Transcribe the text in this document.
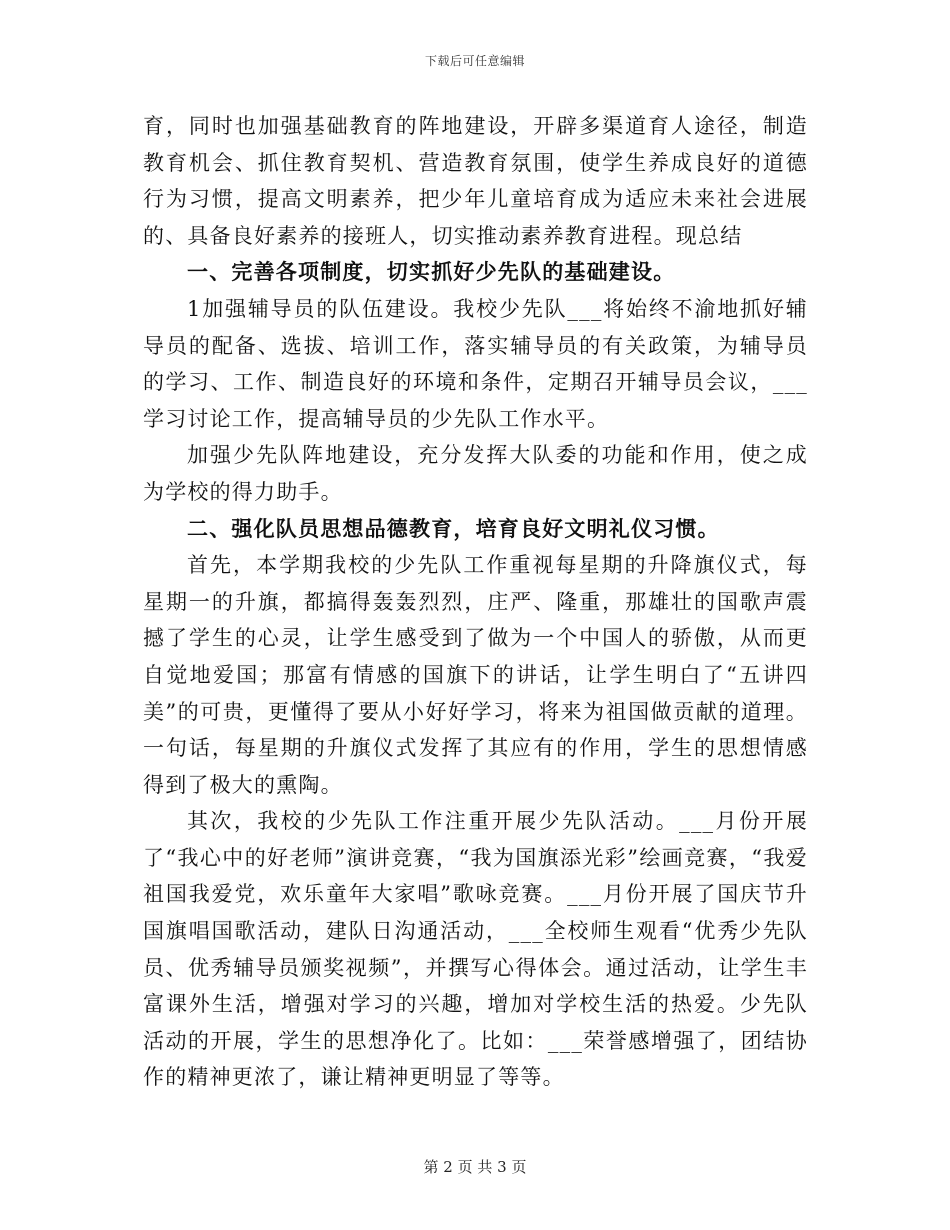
下载后可任意编辑

育，同时也加强基础教育的阵地建设，开辟多渠道育人途径，制造教育机会、抓住教育契机、营造教育氛围，使学生养成良好的道德行为习惯，提高文明素养，把少年儿童培育成为适应未来社会进展的、具备良好素养的接班人，切实推动素养教育进程。现总结

一、完善各项制度，切实抓好少先队的基础建设。

1加强辅导员的队伍建设。我校少先队___将始终不渝地抓好辅导员的配备、选拔、培训工作，落实辅导员的有关政策，为辅导员的学习、工作、制造良好的环境和条件，定期召开辅导员会议，___学习讨论工作，提高辅导员的少先队工作水平。

加强少先队阵地建设，充分发挥大队委的功能和作用，使之成为学校的得力助手。

二、强化队员思想品德教育，培育良好文明礼仪习惯。

首先，本学期我校的少先队工作重视每星期的升降旗仪式，每星期一的升旗，都搞得轰轰烈烈，庄严、隆重，那雄壮的国歌声震撼了学生的心灵，让学生感受到了做为一个中国人的骄傲，从而更自觉地爱国；那富有情感的国旗下的讲话，让学生明白了“五讲四美”的可贵，更懂得了要从小好好学习，将来为祖国做贡献的道理。一句话，每星期的升旗仪式发挥了其应有的作用，学生的思想情感得到了极大的熏陶。

其次，我校的少先队工作注重开展少先队活动。___月份开展了“我心中的好老师”演讲竞赛，“我为国旗添光彩”绘画竞赛，“我爱祖国我爱党，欢乐童年大家唱”歌咏竞赛。___月份开展了国庆节升国旗唱国歌活动，建队日沟通活动，___全校师生观看“优秀少先队员、优秀辅导员颁奖视频”，并撰写心得体会。通过活动，让学生丰富课外生活，增强对学习的兴趣，增加对学校生活的热爱。少先队活动的开展，学生的思想净化了。比如：___荣誉感增强了，团结协作的精神更浓了，谦让精神更明显了等等。

第 2 页 共 3 页
